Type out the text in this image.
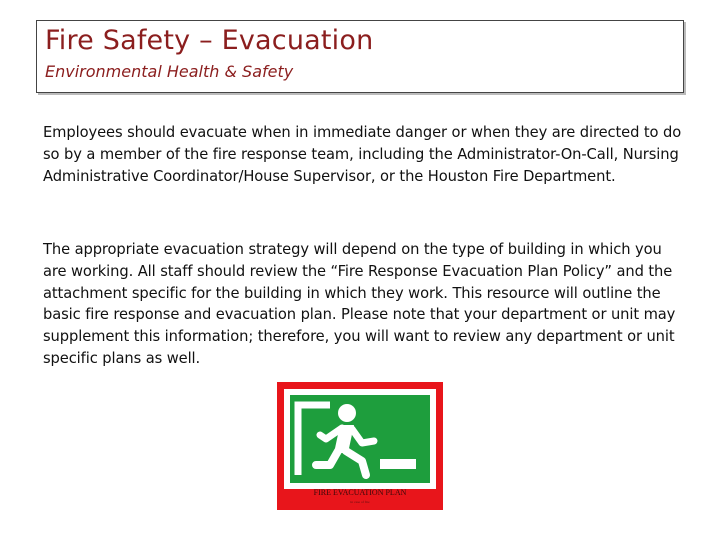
Fire Safety – Evacuation
Environmental Health & Safety

Employees should evacuate when in immediate danger or when they are directed to do so by a member of the fire response team, including the Administrator-On-Call, Nursing Administrative Coordinator/House Supervisor, or the Houston Fire Department.

The appropriate evacuation strategy will depend on the type of building in which you are working. All staff should review the “Fire Response Evacuation Plan Policy” and the attachment specific for the building in which they work. This resource will outline the basic fire response and evacuation plan. Please note that your department or unit may supplement this information; therefore, you will want to review any department or unit specific plans as well.

FIRE EVACUATION PLAN
in case of fire
